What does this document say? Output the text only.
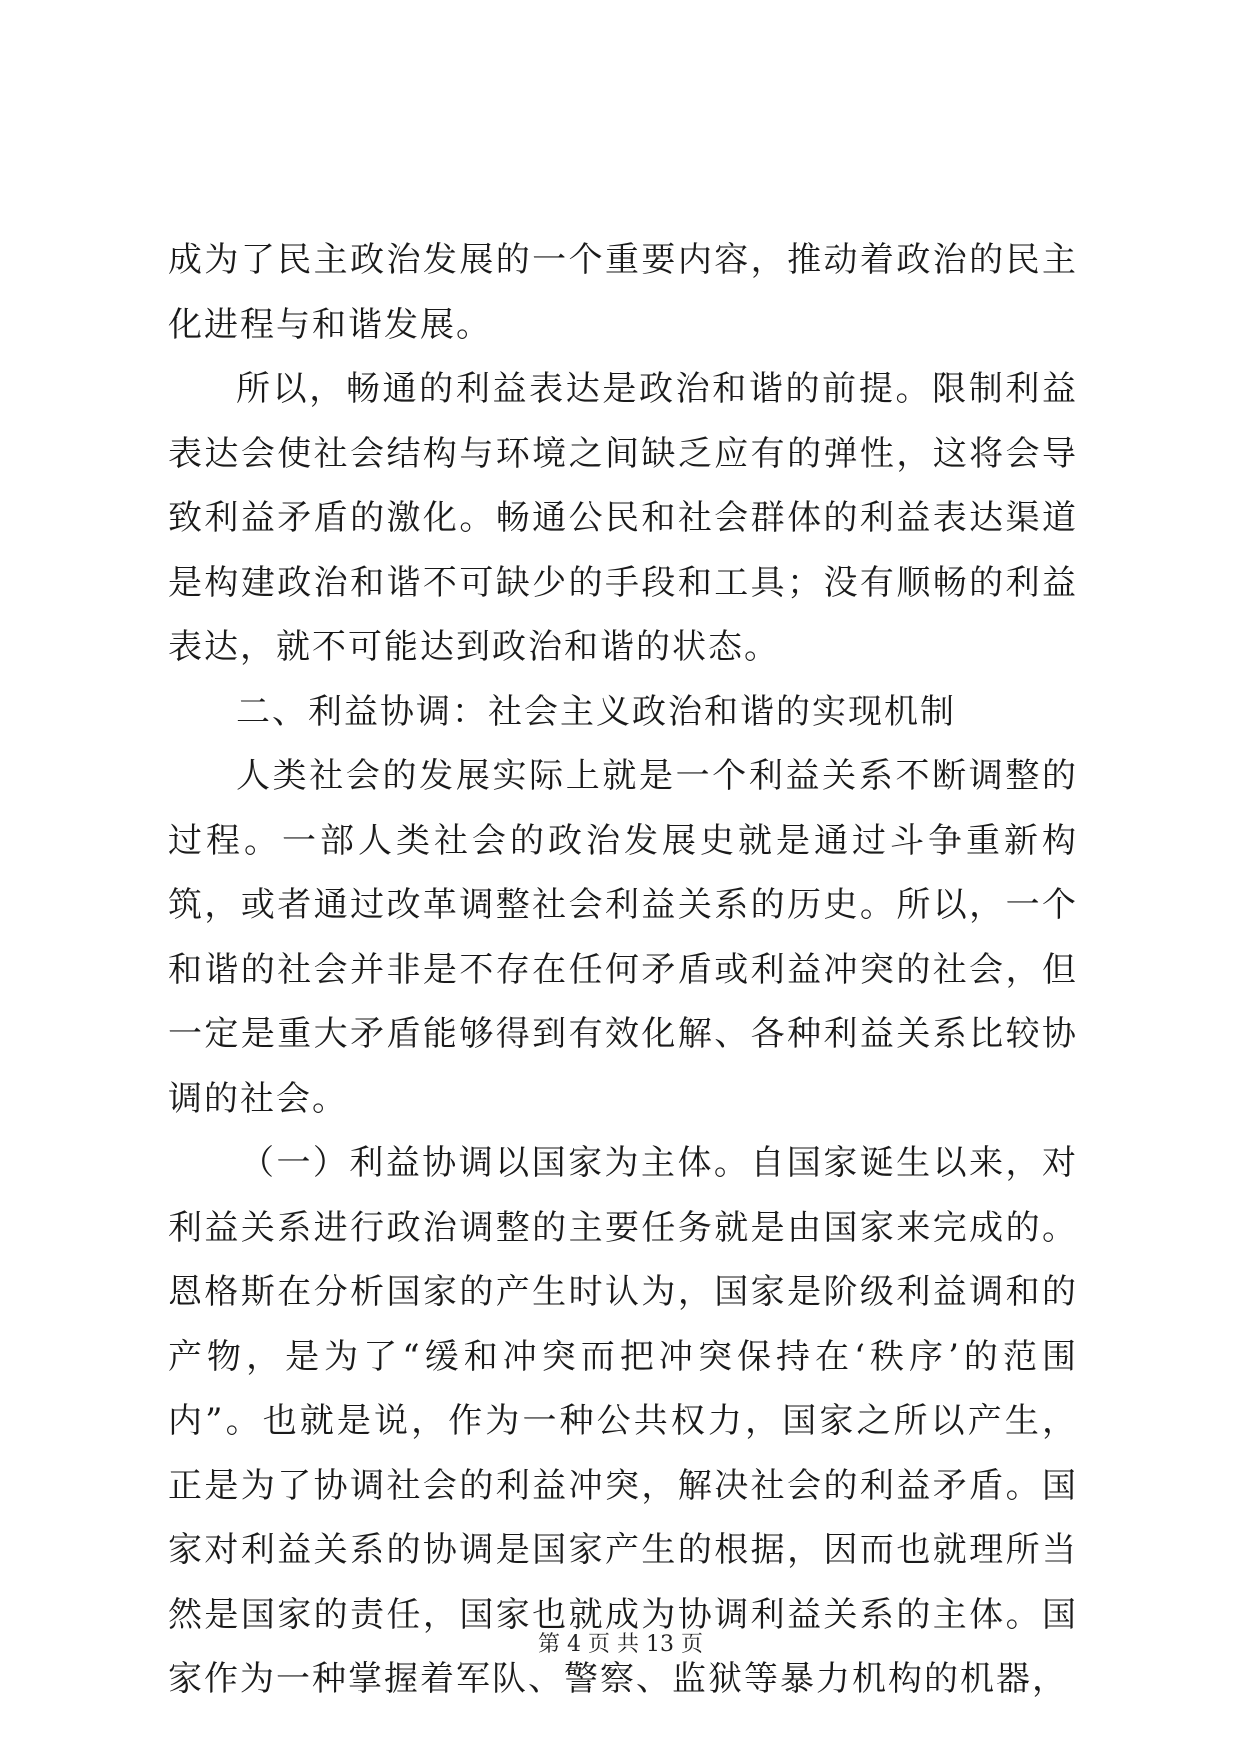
成为了民主政治发展的一个重要内容，推动着政治的民主化进程与和谐发展。

所以，畅通的利益表达是政治和谐的前提。限制利益表达会使社会结构与环境之间缺乏应有的弹性，这将会导致利益矛盾的激化。畅通公民和社会群体的利益表达渠道是构建政治和谐不可缺少的手段和工具；没有顺畅的利益表达，就不可能达到政治和谐的状态。

二、利益协调：社会主义政治和谐的实现机制

人类社会的发展实际上就是一个利益关系不断调整的过程。一部人类社会的政治发展史就是通过斗争重新构筑，或者通过改革调整社会利益关系的历史。所以，一个和谐的社会并非是不存在任何矛盾或利益冲突的社会，但一定是重大矛盾能够得到有效化解、各种利益关系比较协调的社会。

（一）利益协调以国家为主体。自国家诞生以来，对利益关系进行政治调整的主要任务就是由国家来完成的。恩格斯在分析国家的产生时认为，国家是阶级利益调和的产物，是为了“缓和冲突而把冲突保持在‘秩序’的范围内”。也就是说，作为一种公共权力，国家之所以产生，正是为了协调社会的利益冲突，解决社会的利益矛盾。国家对利益关系的协调是国家产生的根据，因而也就理所当然是国家的责任，国家也就成为协调利益关系的主体。国家作为一种掌握着军队、警察、监狱等暴力机构的机器，

第 4 页 共 13 页
